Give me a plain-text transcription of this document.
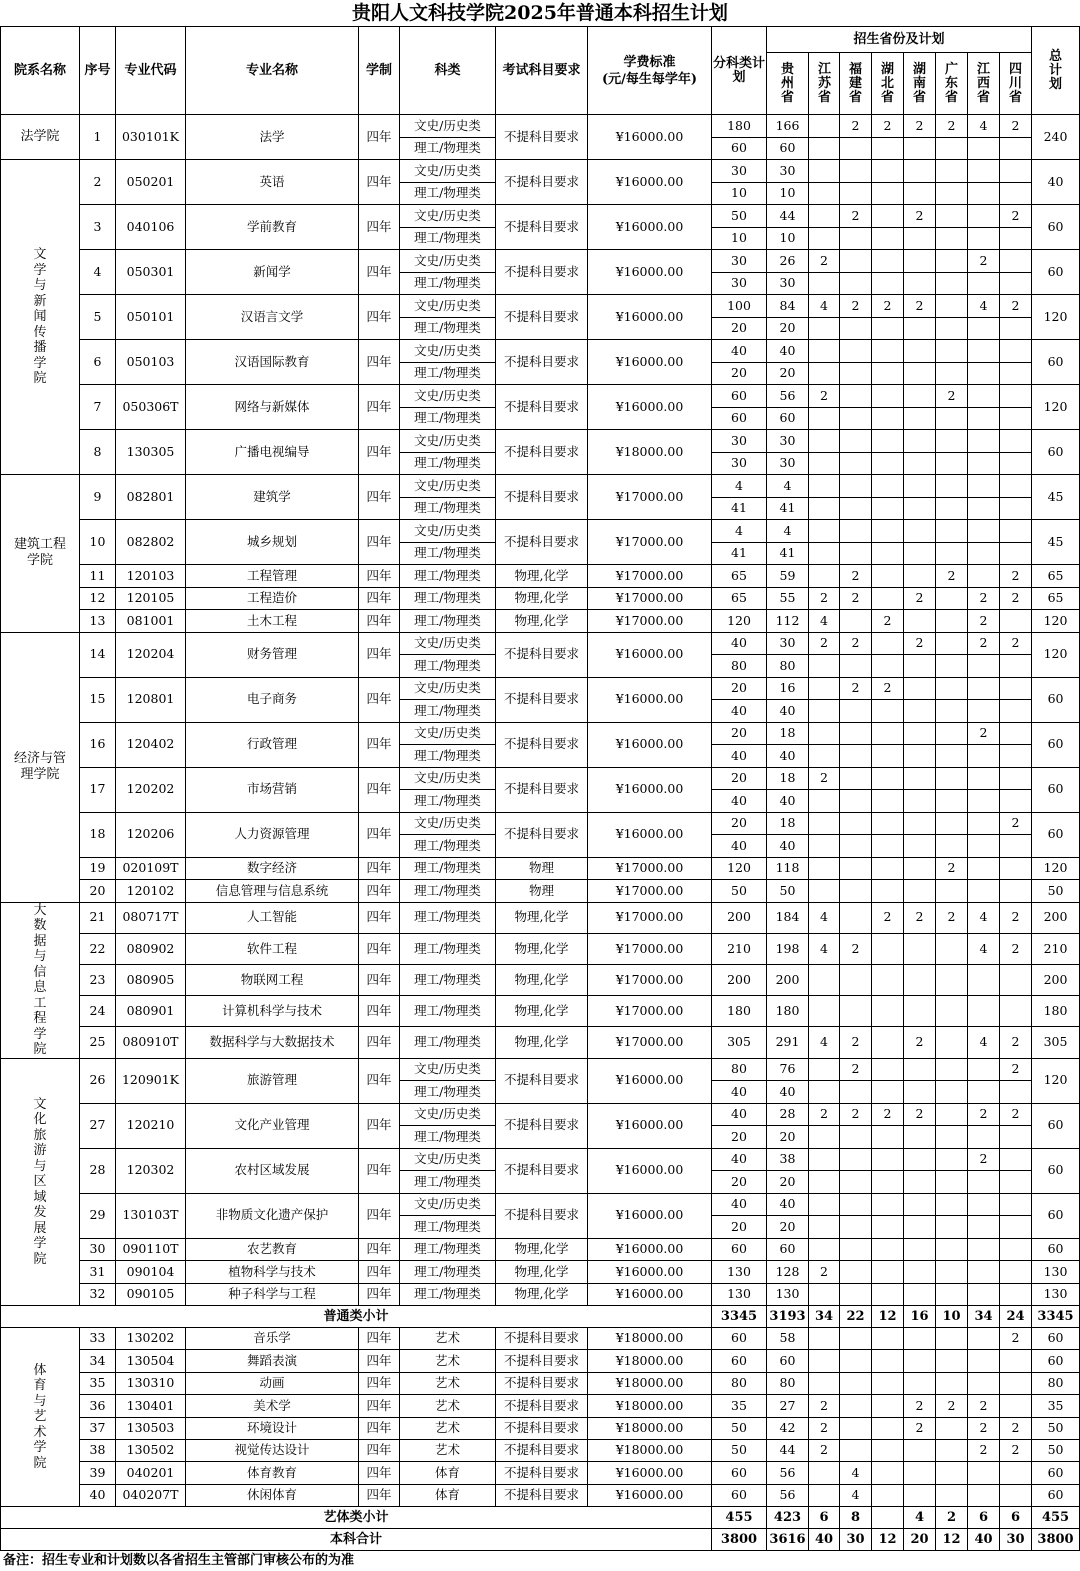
贵阳人文科技学院2025年普通本科招生计划
院系名称	序号	专业代码	专业名称	学制	科类	考试科目要求	学费标准
(元/每生每学年)	分科类计划	招生省份及计划								总计划
									贵州省	江苏省	福建省	湖北省	湖南省	广东省	江西省	四川省	
法学院	1	030101K	法学	四年	文史/历史类	不提科目要求	¥16000.00	180	166		2	2	2	2	4	2	240
					理工/物理类			60	60								
文学与新闻传播学院	2	050201	英语	四年	文史/历史类	不提科目要求	¥16000.00	30	30								40
					理工/物理类			10	10								
	3	040106	学前教育	四年	文史/历史类	不提科目要求	¥16000.00	50	44		2		2			2	60
					理工/物理类			10	10								
	4	050301	新闻学	四年	文史/历史类	不提科目要求	¥16000.00	30	26	2					2		60
					理工/物理类			30	30								
	5	050101	汉语言文学	四年	文史/历史类	不提科目要求	¥16000.00	100	84	4	2	2	2		4	2	120
					理工/物理类			20	20								
	6	050103	汉语国际教育	四年	文史/历史类	不提科目要求	¥16000.00	40	40								60
					理工/物理类			20	20								
	7	050306T	网络与新媒体	四年	文史/历史类	不提科目要求	¥16000.00	60	56	2				2			120
					理工/物理类			60	60								
	8	130305	广播电视编导	四年	文史/历史类	不提科目要求	¥18000.00	30	30								60
					理工/物理类			30	30								
建筑工程学院	9	082801	建筑学	四年	文史/历史类	不提科目要求	¥17000.00	4	4								45
					理工/物理类			41	41								
	10	082802	城乡规划	四年	文史/历史类	不提科目要求	¥17000.00	4	4								45
					理工/物理类			41	41								
	11	120103	工程管理	四年	理工/物理类	物理,化学	¥17000.00	65	59		2			2		2	65
	12	120105	工程造价	四年	理工/物理类	物理,化学	¥17000.00	65	55	2	2		2		2	2	65
	13	081001	土木工程	四年	理工/物理类	物理,化学	¥17000.00	120	112	4		2			2		120
经济与管理学院	14	120204	财务管理	四年	文史/历史类	不提科目要求	¥16000.00	40	30	2	2		2		2	2	120
					理工/物理类			80	80								
	15	120801	电子商务	四年	文史/历史类	不提科目要求	¥16000.00	20	16		2	2					60
					理工/物理类			40	40								
	16	120402	行政管理	四年	文史/历史类	不提科目要求	¥16000.00	20	18						2		60
					理工/物理类			40	40								
	17	120202	市场营销	四年	文史/历史类	不提科目要求	¥16000.00	20	18	2							60
					理工/物理类			40	40								
	18	120206	人力资源管理	四年	文史/历史类	不提科目要求	¥16000.00	20	18							2	60
					理工/物理类			40	40								
	19	020109T	数字经济	四年	理工/物理类	物理	¥17000.00	120	118					2			120
	20	120102	信息管理与信息系统	四年	理工/物理类	物理	¥17000.00	50	50								50
大数据与信息工程学院	21	080717T	人工智能	四年	理工/物理类	物理,化学	¥17000.00	200	184	4		2	2	2	4	2	200
	22	080902	软件工程	四年	理工/物理类	物理,化学	¥17000.00	210	198	4	2				4	2	210
	23	080905	物联网工程	四年	理工/物理类	物理,化学	¥17000.00	200	200								200
	24	080901	计算机科学与技术	四年	理工/物理类	物理,化学	¥17000.00	180	180								180
	25	080910T	数据科学与大数据技术	四年	理工/物理类	物理,化学	¥17000.00	305	291	4	2		2		4	2	305
文化旅游与区域发展学院	26	120901K	旅游管理	四年	文史/历史类	不提科目要求	¥16000.00	80	76		2					2	120
					理工/物理类			40	40								
	27	120210	文化产业管理	四年	文史/历史类	不提科目要求	¥16000.00	40	28	2	2	2	2		2	2	60
					理工/物理类			20	20								
	28	120302	农村区域发展	四年	文史/历史类	不提科目要求	¥16000.00	40	38						2		60
					理工/物理类			20	20								
	29	130103T	非物质文化遗产保护	四年	文史/历史类	不提科目要求	¥16000.00	40	40								60
					理工/物理类			20	20								
	30	090110T	农艺教育	四年	理工/物理类	物理,化学	¥16000.00	60	60								60
	31	090104	植物科学与技术	四年	理工/物理类	物理,化学	¥16000.00	130	128	2							130
	32	090105	种子科学与工程	四年	理工/物理类	物理,化学	¥16000.00	130	130								130
普通类小计								3345	3193	34	22	12	16	10	34	24	3345
体育与艺术学院	33	130202	音乐学	四年	艺术	不提科目要求	¥18000.00	60	58							2	60
	34	130504	舞蹈表演	四年	艺术	不提科目要求	¥18000.00	60	60								60
	35	130310	动画	四年	艺术	不提科目要求	¥18000.00	80	80								80
	36	130401	美术学	四年	艺术	不提科目要求	¥18000.00	35	27	2			2	2	2		35
	37	130503	环境设计	四年	艺术	不提科目要求	¥18000.00	50	42	2			2		2	2	50
	38	130502	视觉传达设计	四年	艺术	不提科目要求	¥18000.00	50	44	2					2	2	50
	39	040201	体育教育	四年	体育	不提科目要求	¥16000.00	60	56		4						60
	40	040207T	休闲体育	四年	体育	不提科目要求	¥16000.00	60	56		4						60
艺体类小计								455	423	6	8		4	2	6	6	455
本科合计								3800	3616	40	30	12	20	12	40	30	3800
备注：招生专业和计划数以各省招生主管部门审核公布的为准
